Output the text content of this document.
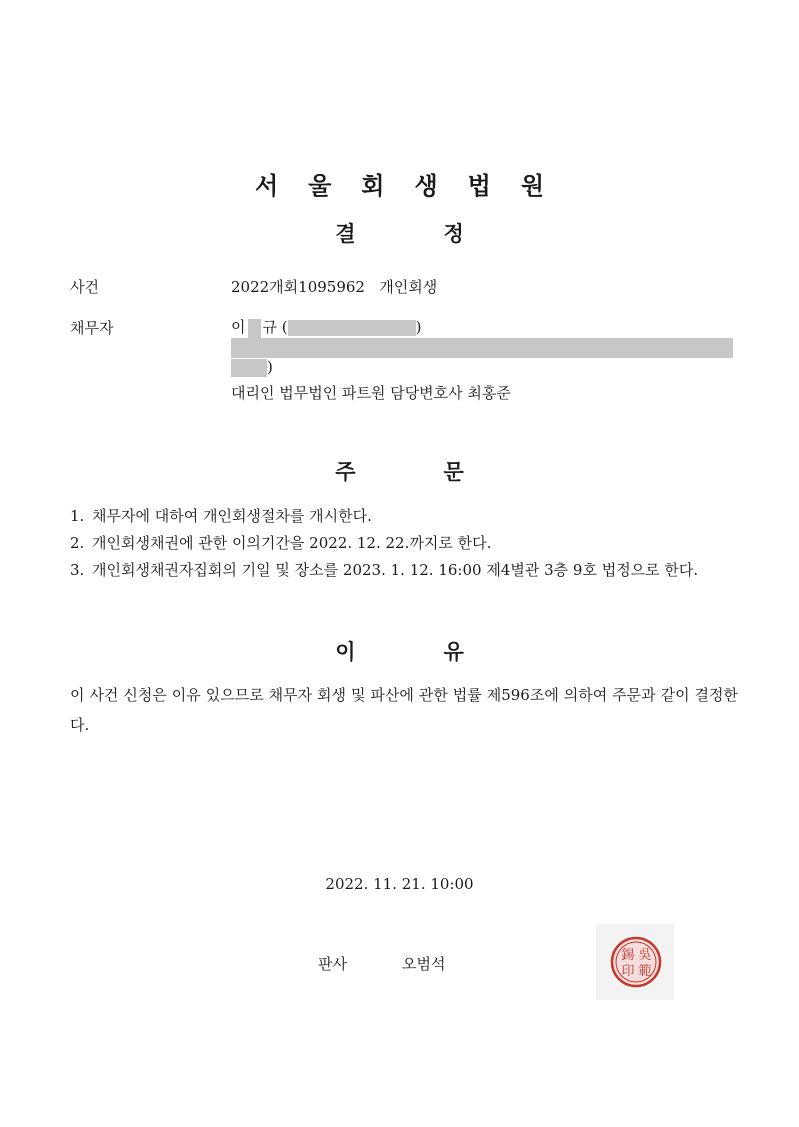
서울회생법원
결정
사건	2022개회1095962 개인회생
채무자	이 규 (	)
)
대리인 법무법인 파트원 담당변호사 최홍준
주문
1. 채무자에 대하여 개인회생절차를 개시한다.
2. 개인회생채권에 관한 이의기간을 2022. 12. 22.까지로 한다.
3. 개인회생채권자집회의 기일 및 장소를 2023. 1. 12. 16:00 제4별관 3층 9호 법정으로 한다.
이유
이 사건 신청은 이유 있으므로 채무자 회생 및 파산에 관한 법률 제596조에 의하여 주문과 같이 결정한다.
2022. 11. 21. 10:00
판사	오범석	吳
範
錫
印
